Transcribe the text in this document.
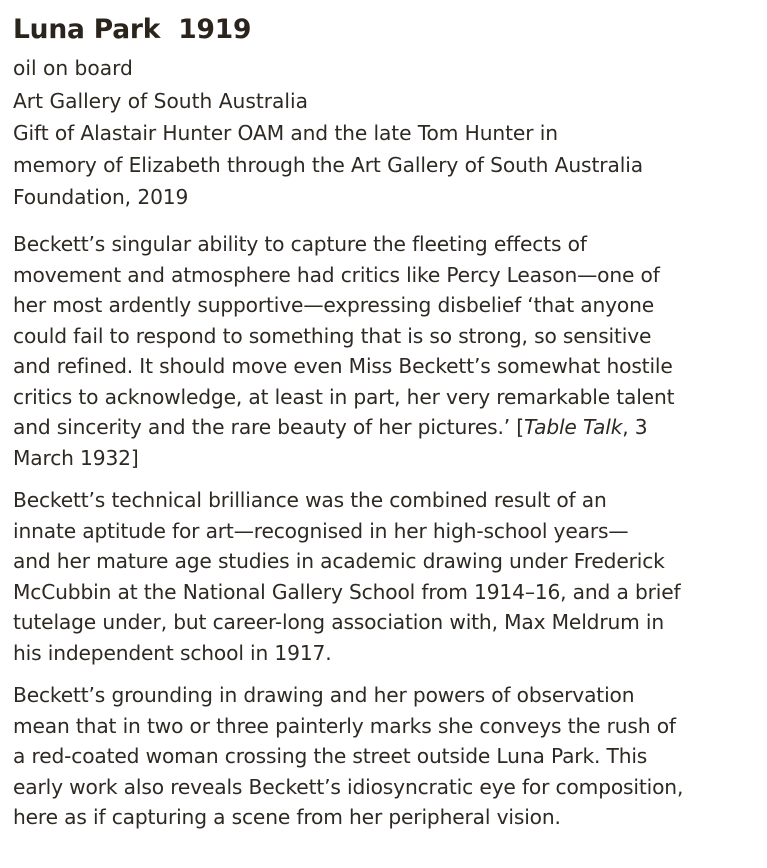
Luna Park  1919

oil on board

Art Gallery of South Australia

Gift of Alastair Hunter OAM and the late Tom Hunter in
memory of Elizabeth through the Art Gallery of South Australia
Foundation, 2019

Beckett’s singular ability to capture the fleeting effects of
movement and atmosphere had critics like Percy Leason—one of
her most ardently supportive—expressing disbelief ‘that anyone
could fail to respond to something that is so strong, so sensitive
and refined. It should move even Miss Beckett’s somewhat hostile
critics to acknowledge, at least in part, her very remarkable talent
and sincerity and the rare beauty of her pictures.’ [Table Talk, 3
March 1932]

Beckett’s technical brilliance was the combined result of an
innate aptitude for art—recognised in her high-school years—
and her mature age studies in academic drawing under Frederick
McCubbin at the National Gallery School from 1914–16, and a brief
tutelage under, but career-long association with, Max Meldrum in
his independent school in 1917.

Beckett’s grounding in drawing and her powers of observation
mean that in two or three painterly marks she conveys the rush of
a red-coated woman crossing the street outside Luna Park. This
early work also reveals Beckett’s idiosyncratic eye for composition,
here as if capturing a scene from her peripheral vision.
